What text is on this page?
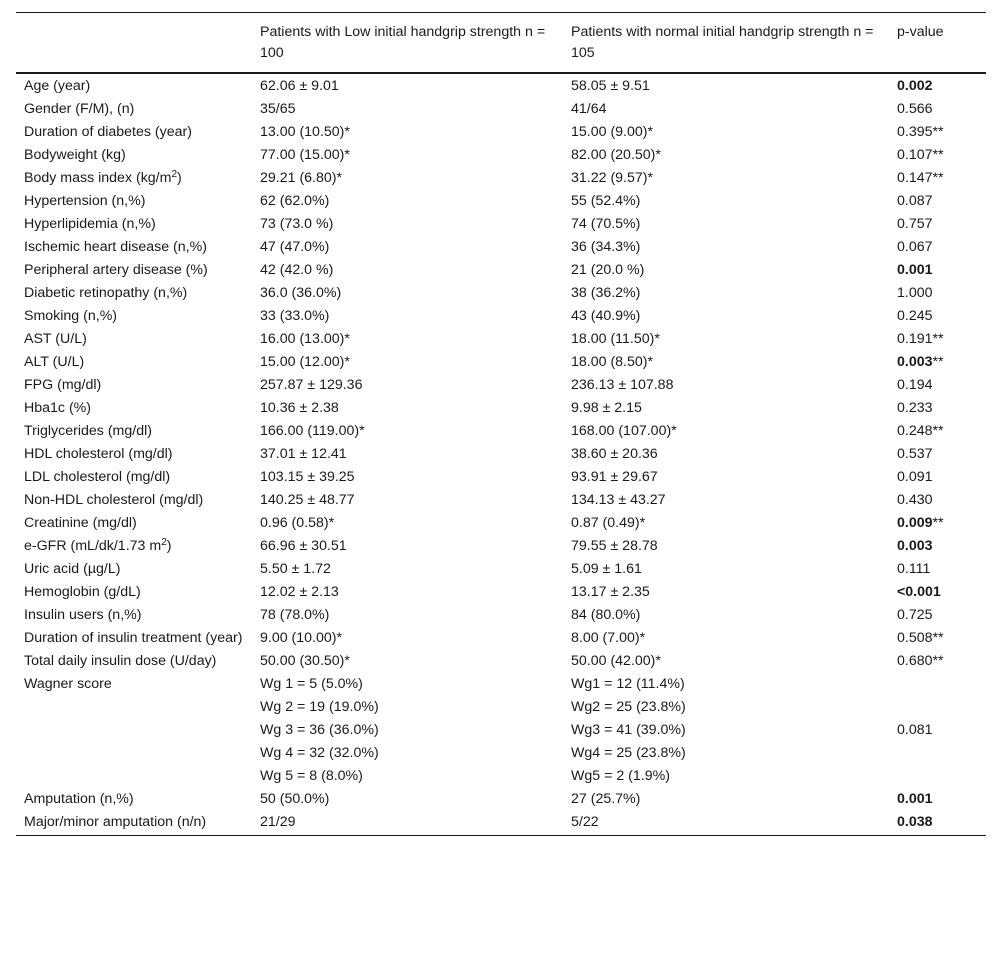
	Patients with Low initial handgrip strength n = 100	Patients with normal initial handgrip strength n = 105	p-value
Age (year)	62.06 ± 9.01	58.05 ± 9.51	0.002
Gender (F/M), (n)	35/65	41/64	0.566
Duration of diabetes (year)	13.00 (10.50)*	15.00 (9.00)*	0.395**
Bodyweight (kg)	77.00 (15.00)*	82.00 (20.50)*	0.107**
Body mass index $(kg/m^2)$	29.21 (6.80)*	31.22 (9.57)*	0.147**
Hypertension (n,%)	62 (62.0%)	55 (52.4%)	0.087
Hyperlipidemia (n,%)	73 (73.0 %)	74 (70.5%)	0.757
Ischemic heart disease (n,%)	47 (47.0%)	36 (34.3%)	0.067
Peripheral artery disease (%)	42 (42.0 %)	21 (20.0 %)	0.001
Diabetic retinopathy (n,%)	36.0 (36.0%)	38 (36.2%)	1.000
Smoking (n,%)	33 (33.0%)	43 (40.9%)	0.245
AST (U/L)	16.00 (13.00)*	18.00 (11.50)*	0.191**
ALT (U/L)	15.00 (12.00)*	18.00 (8.50)*	0.003**
FPG (mg/dl)	257.87 ± 129.36	236.13 ± 107.88	0.194
Hba1c (%)	10.36 ± 2.38	9.98 ± 2.15	0.233
Triglycerides (mg/dl)	166.00 (119.00)*	168.00 (107.00)*	0.248**
HDL cholesterol (mg/dl)	37.01 ± 12.41	38.60 ± 20.36	0.537
LDL cholesterol (mg/dl)	103.15 ± 39.25	93.91 ± 29.67	0.091
Non-HDL cholesterol (mg/dl)	140.25 ± 48.77	134.13 ± 43.27	0.430
Creatinine (mg/dl)	0.96 (0.58)*	0.87 (0.49)*	0.009**
e-GFR (mL/dk/1.73 $m^2$)	66.96 ± 30.51	79.55 ± 28.78	0.003
Uric acid (µg/L)	5.50 ± 1.72	5.09 ± 1.61	0.111
Hemoglobin (g/dL)	12.02 ± 2.13	13.17 ± 2.35	<0.001
Insulin users (n,%)	78 (78.0%)	84 (80.0%)	0.725
Duration of insulin treatment (year)	9.00 (10.00)*	8.00 (7.00)*	0.508**
Total daily insulin dose (U/day)	50.00 (30.50)*	50.00 (42.00)*	0.680**
Wagner score	Wg 1 = 5 (5.0%)	Wg1 = 12 (11.4%)	
	Wg 2 = 19 (19.0%)	Wg2 = 25 (23.8%)	
	Wg 3 = 36 (36.0%)	Wg3 = 41 (39.0%)	0.081
	Wg 4 = 32 (32.0%)	Wg4 = 25 (23.8%)	
	Wg 5 = 8 (8.0%)	Wg5 = 2 (1.9%)	
Amputation (n,%)	50 (50.0%)	27 (25.7%)	0.001
Major/minor amputation (n/n)	21/29	5/22	0.038
